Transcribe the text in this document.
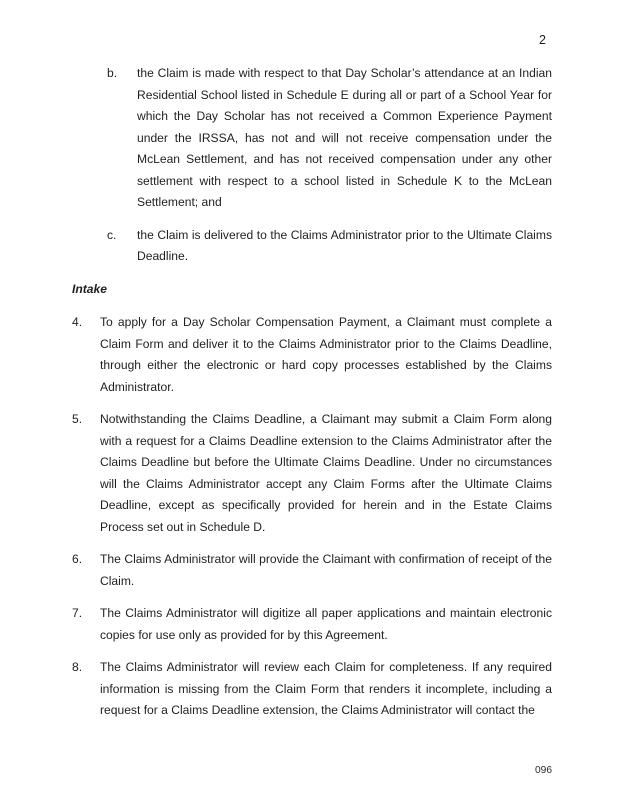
2
b.	the Claim is made with respect to that Day Scholar’s attendance at an Indian Residential School listed in Schedule E during all or part of a School Year for which the Day Scholar has not received a Common Experience Payment under the IRSSA, has not and will not receive compensation under the McLean Settlement, and has not received compensation under any other settlement with respect to a school listed in Schedule K to the McLean Settlement; and

c.	the Claim is delivered to the Claims Administrator prior to the Ultimate Claims Deadline.

Intake
4.	To apply for a Day Scholar Compensation Payment, a Claimant must complete a Claim Form and deliver it to the Claims Administrator prior to the Claims Deadline, through either the electronic or hard copy processes established by the Claims Administrator.

5.	Notwithstanding the Claims Deadline, a Claimant may submit a Claim Form along with a request for a Claims Deadline extension to the Claims Administrator after the Claims Deadline but before the Ultimate Claims Deadline. Under no circumstances will the Claims Administrator accept any Claim Forms after the Ultimate Claims Deadline, except as specifically provided for herein and in the Estate Claims Process set out in Schedule D.

6.	The Claims Administrator will provide the Claimant with confirmation of receipt of the Claim.

7.	The Claims Administrator will digitize all paper applications and maintain electronic copies for use only as provided for by this Agreement.

8.	The Claims Administrator will review each Claim for completeness. If any required information is missing from the Claim Form that renders it incomplete, including a request for a Claims Deadline extension, the Claims Administrator will contact the

096
